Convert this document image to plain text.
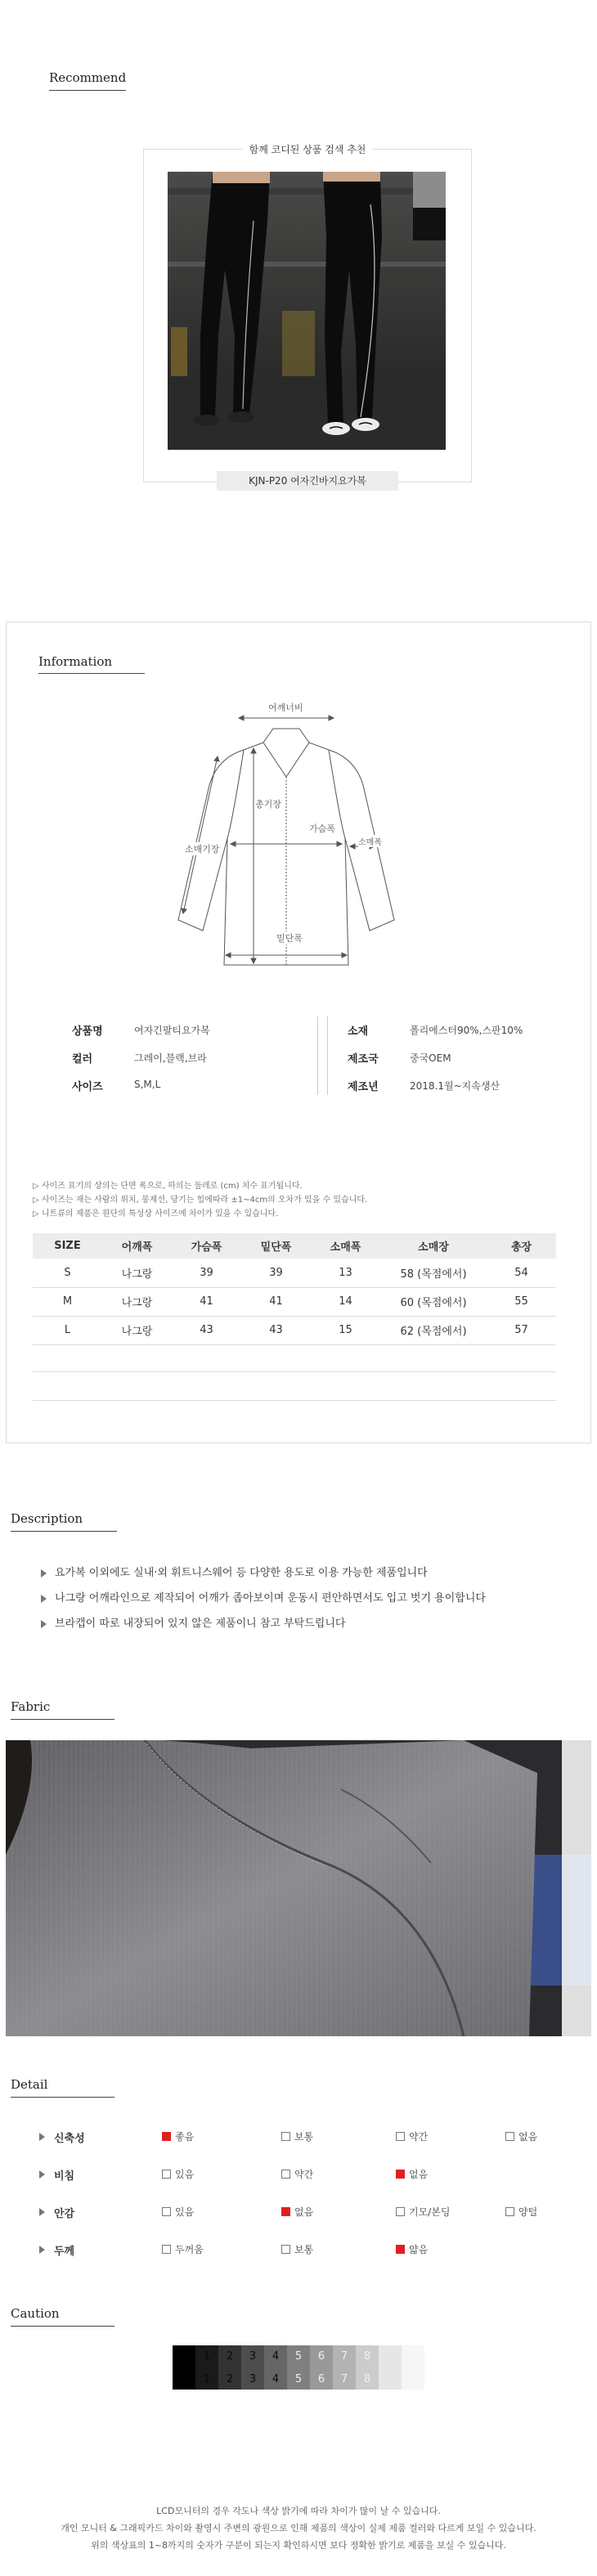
Recommend
함께 코디된 상품 검색 추천
KJN-P20 여자긴바지요가복
Information
어깨너비
총기장
가슴폭
소매폭
소매기장
밑단폭
상품명	여자긴팔티요가복
컬러	그레이,블랙,브라
사이즈	S,M,L
소재	폴리에스터90%,스판10%
제조국	중국OEM
제조년	2018.1월~지속생산
▷ 사이즈 표기의 상의는 단면 폭으로, 하의는 둘레로 (cm) 치수 표기됩니다.
▷ 사이즈는 재는 사람의 위치, 봉제선, 당기는 힘에따라 ±1~4cm의 오차가 있을 수 있습니다.
▷ 니트류의 제품은 원단의 특성상 사이즈에 차이가 있을 수 있습니다.
SIZE	어깨폭	가슴폭	밑단폭	소매폭	소매장	총장
S	나그랑	39	39	13	58 (목점에서)	54
M	나그랑	41	41	14	60 (목점에서)	55
L	나그랑	43	43	15	62 (목점에서)	57
Description
요가복 이외에도 실내·외 휘트니스웨어 등 다양한 용도로 이용 가능한 제품입니다
나그랑 어깨라인으로 제작되어 어깨가 좁아보이며 운동시 편안하면서도 입고 벗기 용이합니다
브라캡이 따로 내장되어 있지 않은 제품이니 참고 부탁드립니다
Fabric
Detail
신축성	좋음	보통	약간	없음
비침	있음	약간	없음
안감	있음	없음	기모/본딩	양털
두께	두꺼움	보통	얇음
Caution
1
1
2
2
3
3
4
4
5
5
6
6
7
7
8
8
LCD모니터의 경우 각도나 색상 밝기에 따라 차이가 많이 날 수 있습니다.
개인 모니터 & 그래픽카드 차이와 촬영시 주변의 광원으로 인해 제품의 색상이 실제 제품 컬러와 다르게 보일 수 있습니다.
위의 색상표의 1~8까지의 숫자가 구분이 되는지 확인하시면 보다 정확한 밝기로 제품을 보실 수 있습니다.
